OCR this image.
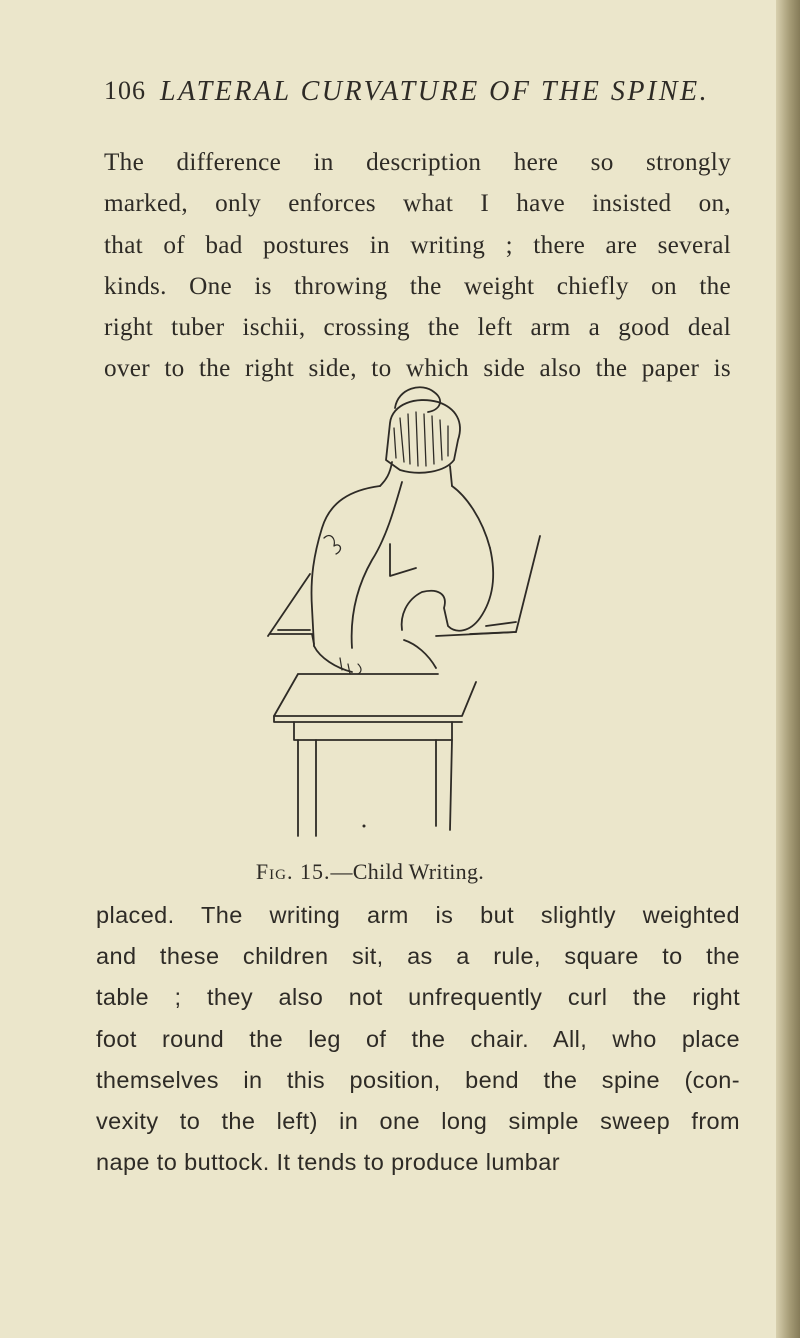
106 LATERAL CURVATURE OF THE SPINE.

The difference in description here so strongly
marked, only enforces what I have insisted on,
that of bad postures in writing ; there are several
kinds. One is throwing the weight chiefly on the
right tuber ischii, crossing the left arm a good deal
over to the right side, to which side also the paper is

Fig. 15.—Child Writing.

placed. The writing arm is but slightly weighted
and these children sit, as a rule, square to the
table ; they also not unfrequently curl the right
foot round the leg of the chair. All, who place
themselves in this position, bend the spine (con-
vexity to the left) in one long simple sweep from
nape to buttock. It tends to produce lumbar
